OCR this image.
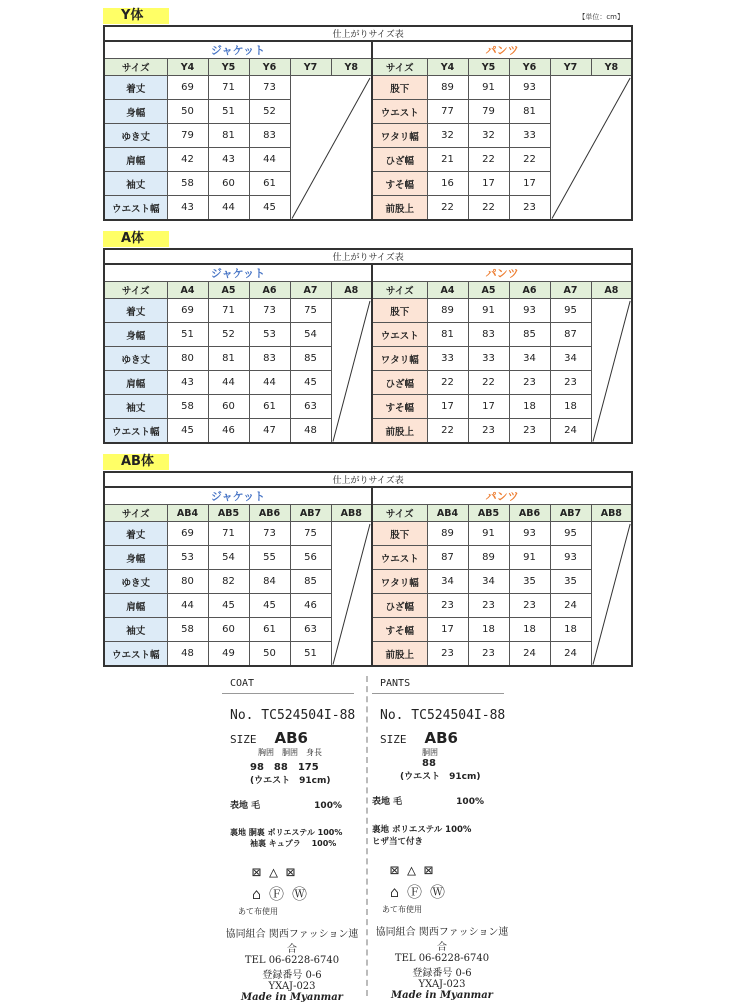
【単位：cm】
Y体
仕上がりサイズ表											
ジャケット						パンツ					
サイズ	Y4	Y5	Y6	Y7	Y8	サイズ	Y4	Y5	Y6	Y7	Y8
着丈	69	71	73			股下	89	91	93		
身幅	50	51	52			ウエスト	77	79	81		
ゆき丈	79	81	83			ワタリ幅	32	32	33		
肩幅	42	43	44			ひざ幅	21	22	22		
袖丈	58	60	61			すそ幅	16	17	17		
ウエスト幅	43	44	45			前股上	22	22	23		
A体
仕上がりサイズ表											
ジャケット						パンツ					
サイズ	A4	A5	A6	A7	A8	サイズ	A4	A5	A6	A7	A8
着丈	69	71	73	75		股下	89	91	93	95	
身幅	51	52	53	54		ウエスト	81	83	85	87	
ゆき丈	80	81	83	85		ワタリ幅	33	33	34	34	
肩幅	43	44	44	45		ひざ幅	22	22	23	23	
袖丈	58	60	61	63		すそ幅	17	17	18	18	
ウエスト幅	45	46	47	48		前股上	22	23	23	24	
AB体
仕上がりサイズ表											
ジャケット						パンツ					
サイズ	AB4	AB5	AB6	AB7	AB8	サイズ	AB4	AB5	AB6	AB7	AB8
着丈	69	71	73	75		股下	89	91	93	95	
身幅	53	54	55	56		ウエスト	87	89	91	93	
ゆき丈	80	82	84	85		ワタリ幅	34	34	35	35	
肩幅	44	45	45	46		ひざ幅	23	23	23	24	
袖丈	58	60	61	63		すそ幅	17	18	18	18	
ウエスト幅	48	49	50	51		前股上	23	23	24	24	
COAT
No. TC524504I-88
SIZE AB6
胸囲　胴囲　身長
98　88　175
(ウエスト　91cm)
表地 毛	100%
裏地 胴裏 ポリエステル 100%
袖裏 キュプラ　 100%
⊠△⊠
⌂ⒻⓌ
あて布使用
協同組合 関西ファッション連合
TEL 06-6228-6740
登録番号 0-6
YXAJ-023
Made in Myanmar
PANTS
No. TC524504I-88
SIZE AB6
胴囲
88
(ウエスト　91cm)
表地 毛	100%
裏地 ポリエステル 100%
ヒザ当て付き
⊠△⊠
⌂ⒻⓌ
あて布使用
協同組合 関西ファッション連合
TEL 06-6228-6740
登録番号 0-6
YXAJ-023
Made in Myanmar
